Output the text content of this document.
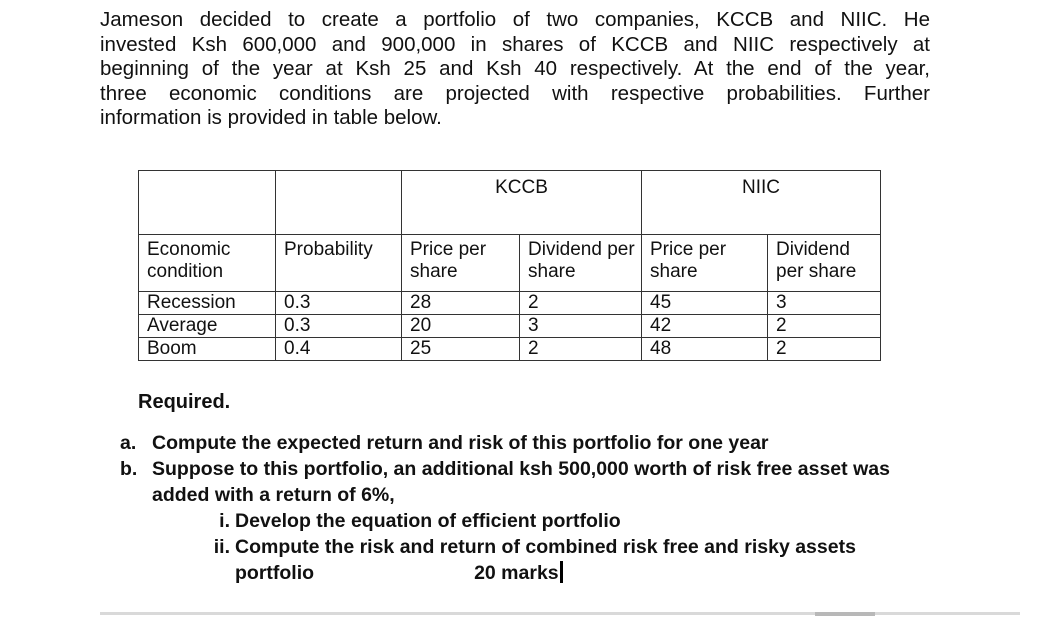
Jameson decided to create a portfolio of two companies, KCCB and NIIC. He
invested Ksh 600,000 and 900,000 in shares of KCCB and NIIC respectively at
beginning of the year at Ksh 25 and Ksh 40 respectively. At the end of the year,
three economic conditions are projected with respective probabilities. Further
information is provided in table below.
		KCCB		NIIC	
Economic condition	Probability	Price per share	Dividend per share	Price per share	Dividend per share
Recession	0.3	28	2	45	3
Average	0.3	20	3	42	2
Boom	0.4	25	2	48	2

Required.

a. Compute the expected return and risk of this portfolio for one year
b. Suppose to this portfolio, an additional ksh 500,000 worth of risk free asset was added with a return of 6%,
i. Develop the equation of efficient portfolio
ii. Compute the risk and return of combined risk free and risky assets portfolio	20 marks
